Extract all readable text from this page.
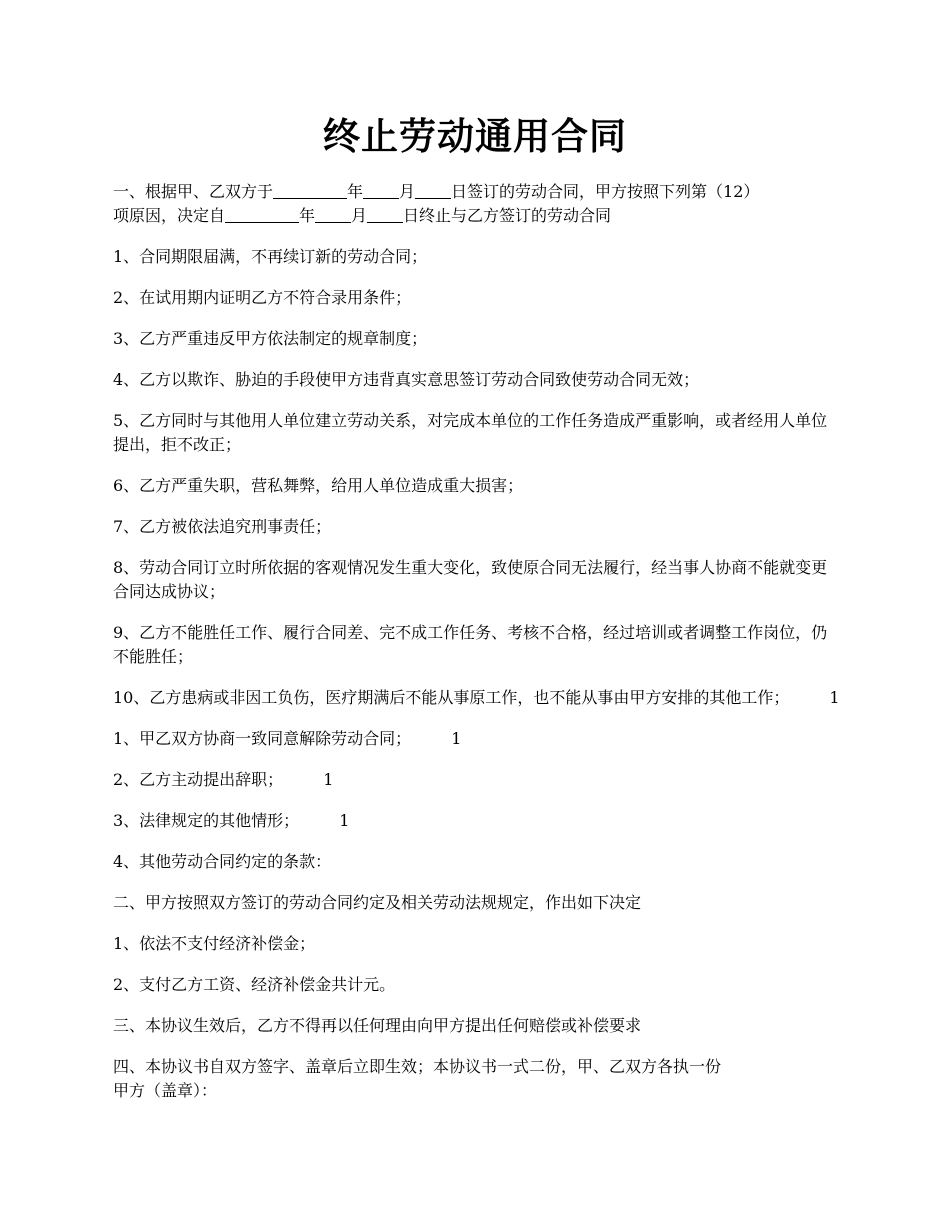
终止劳动通用合同

一、根据甲、乙双方于	年 月 日签订的劳动合同，甲方按照下列第（12）
项原因，决定自	年 月 日终止与乙方签订的劳动合同

1、合同期限届满，不再续订新的劳动合同；

2、在试用期内证明乙方不符合录用条件；

3、乙方严重违反甲方依法制定的规章制度；

4、乙方以欺诈、胁迫的手段使甲方违背真实意思签订劳动合同致使劳动合同无效；

5、乙方同时与其他用人单位建立劳动关系，对完成本单位的工作任务造成严重影响，或者经用人单位提出，拒不改正；

6、乙方严重失职，营私舞弊，给用人单位造成重大损害；

7、乙方被依法追究刑事责任；

8、劳动合同订立时所依据的客观情况发生重大变化，致使原合同无法履行，经当事人协商不能就变更合同达成协议；

9、乙方不能胜任工作、履行合同差、完不成工作任务、考核不合格，经过培训或者调整工作岗位，仍不能胜任；

10、乙方患病或非因工负伤，医疗期满后不能从事原工作，也不能从事由甲方安排的其他工作；	1

1、甲乙双方协商一致同意解除劳动合同；	1

2、乙方主动提出辞职；	1

3、法律规定的其他情形；	1

4、其他劳动合同约定的条款：

二、甲方按照双方签订的劳动合同约定及相关劳动法规规定，作出如下决定

1、依法不支付经济补偿金；

2、支付乙方工资、经济补偿金共计元。

三、本协议生效后，乙方不得再以任何理由向甲方提出任何赔偿或补偿要求

四、本协议书自双方签字、盖章后立即生效；本协议书一式二份，甲、乙双方各执一份

甲方（盖章）：
